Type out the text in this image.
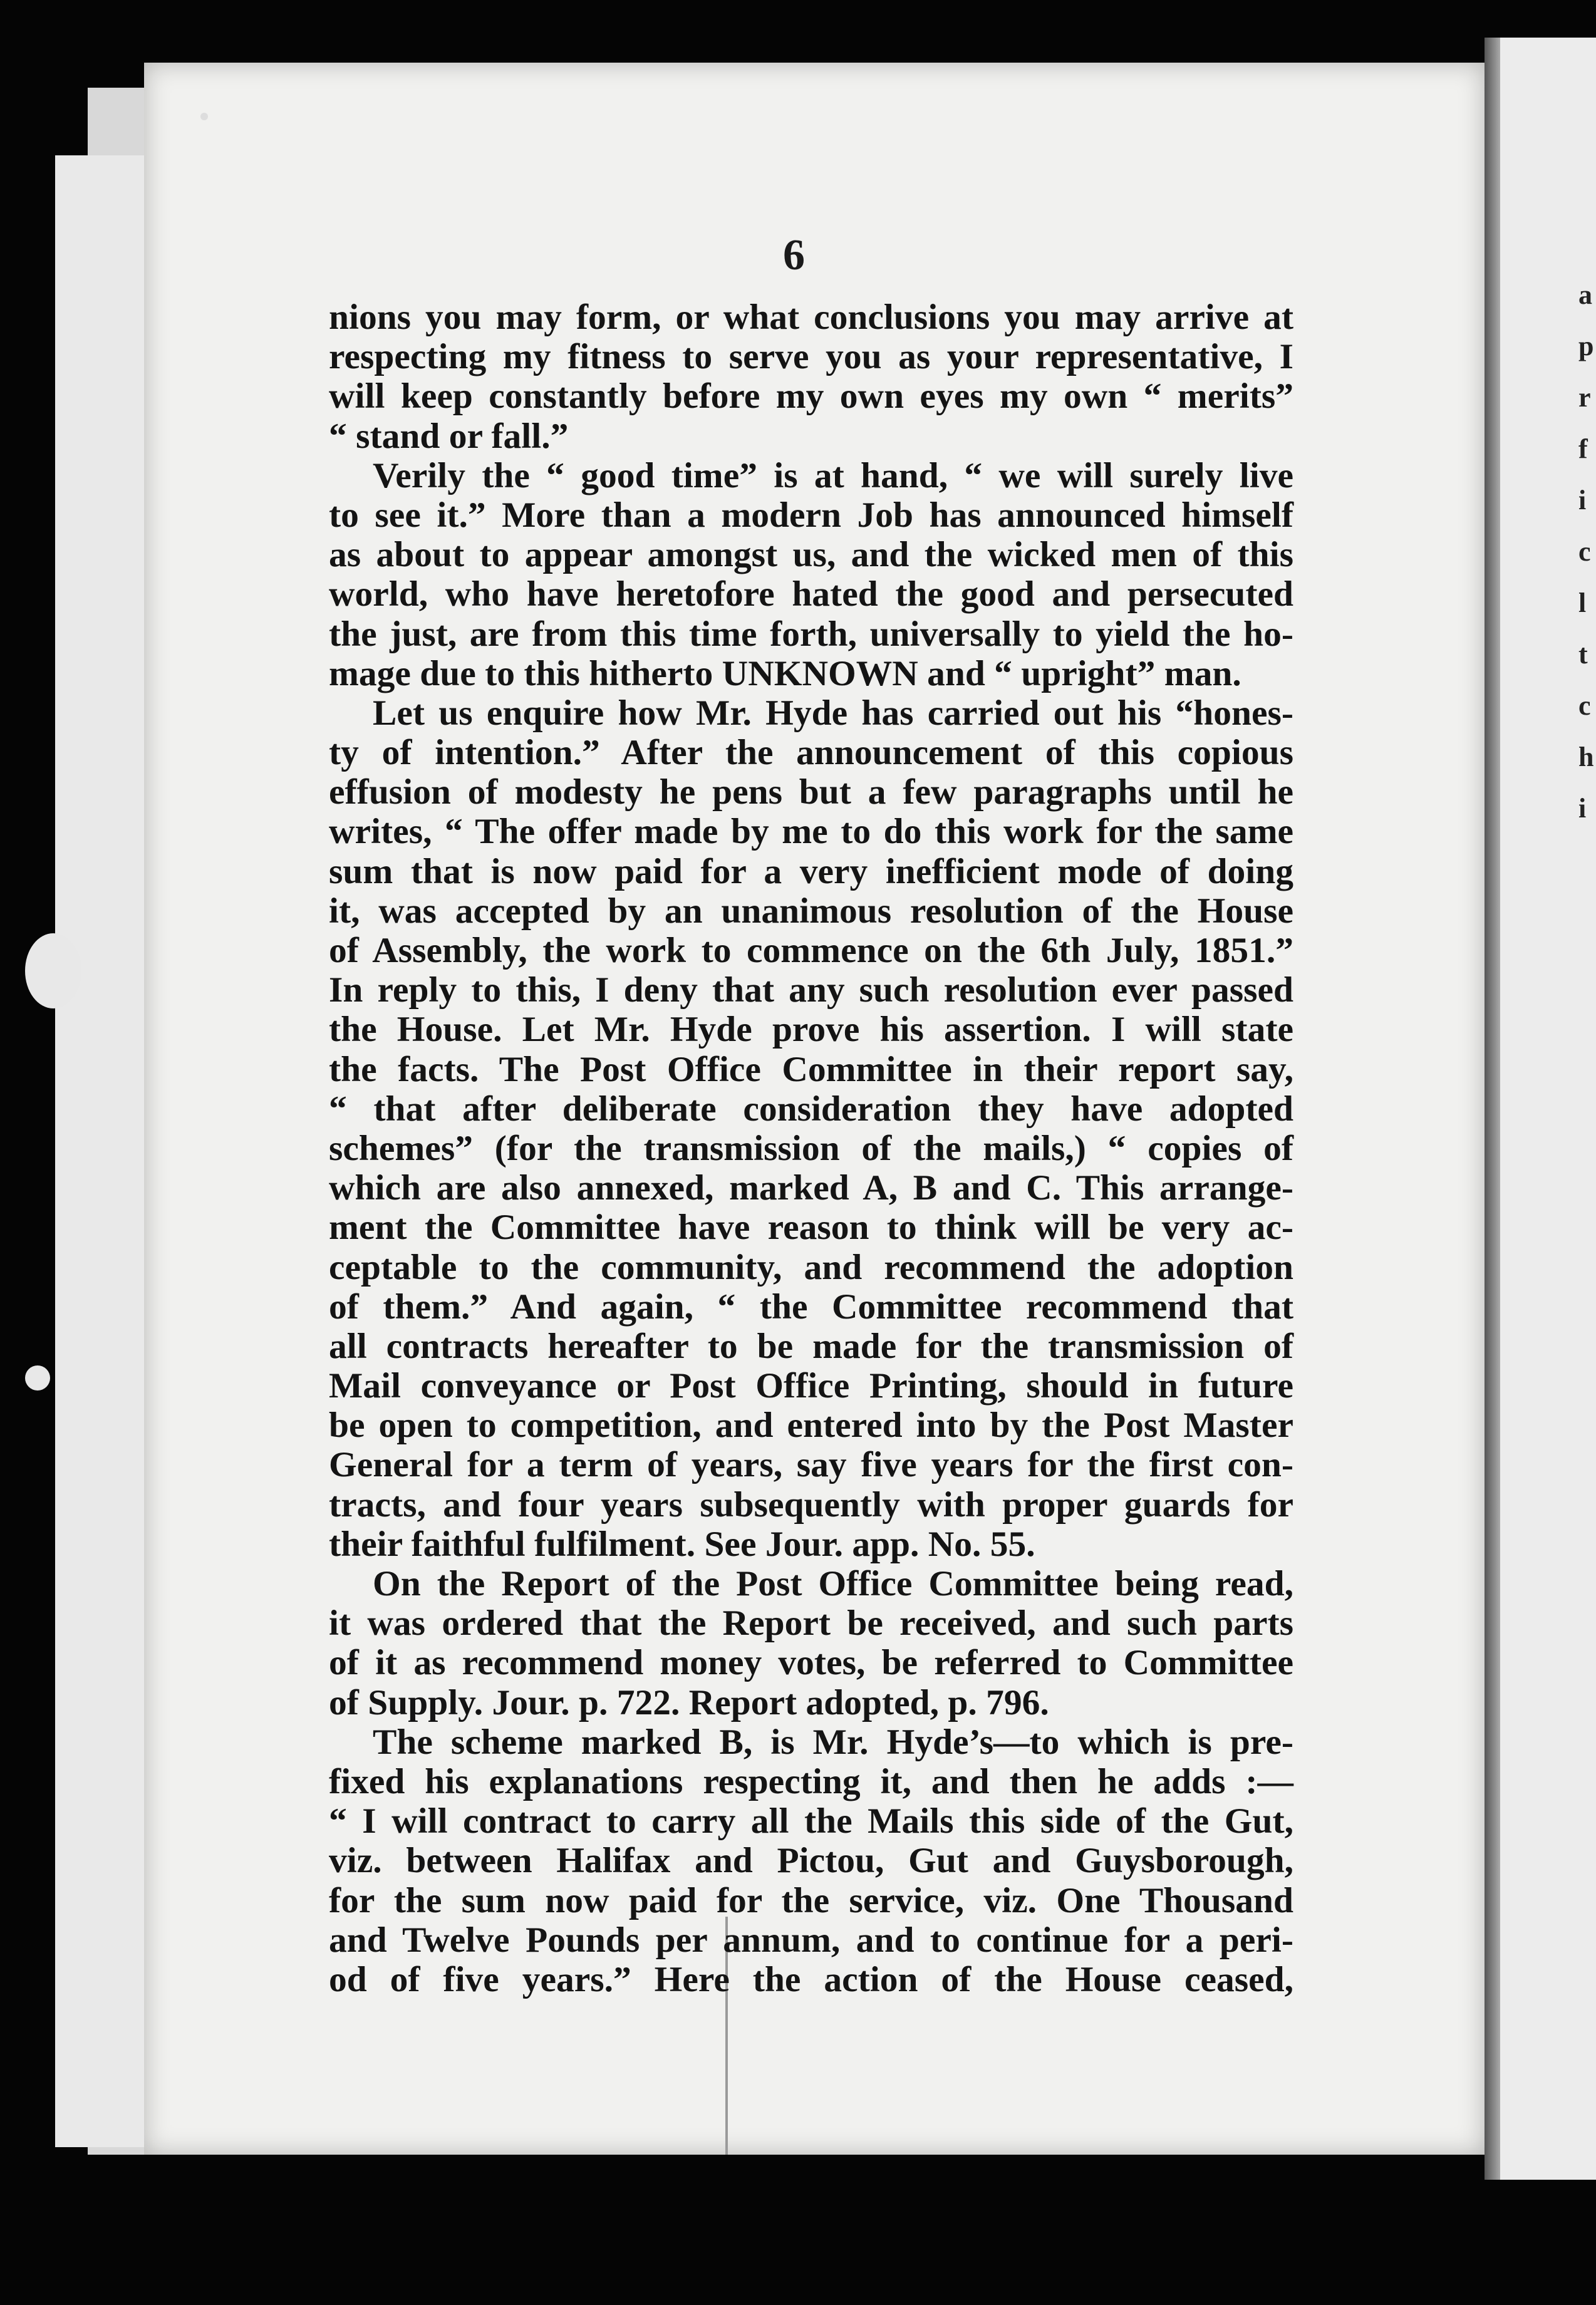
a
p
r
f
i
c
l
t
c
h
i
6
nions you may form, or what conclusions you may arrive at
respecting my fitness to serve you as your representative, I
will keep constantly before my own eyes my own “ merits”
“ stand or fall.”
Verily the “ good time” is at hand, “ we will surely live
to see it.” More than a modern Job has announced himself
as about to appear amongst us, and the wicked men of this
world, who have heretofore hated the good and persecuted
the just, are from this time forth, universally to yield the ho-
mage due to this hitherto UNKNOWN and “ upright” man.
Let us enquire how Mr. Hyde has carried out his “hones-
ty of intention.” After the announcement of this copious
effusion of modesty he pens but a few paragraphs until he
writes, “ The offer made by me to do this work for the same
sum that is now paid for a very inefficient mode of doing
it, was accepted by an unanimous resolution of the House
of Assembly, the work to commence on the 6th July, 1851.”
In reply to this, I deny that any such resolution ever passed
the House. Let Mr. Hyde prove his assertion. I will state
the facts. The Post Office Committee in their report say,
“ that after deliberate consideration they have adopted
schemes” (for the transmission of the mails,) “ copies of
which are also annexed, marked A, B and C. This arrange-
ment the Committee have reason to think will be very ac-
ceptable to the community, and recommend the adoption
of them.” And again, “ the Committee recommend that
all contracts hereafter to be made for the transmission of
Mail conveyance or Post Office Printing, should in future
be open to competition, and entered into by the Post Master
General for a term of years, say five years for the first con-
tracts, and four years subsequently with proper guards for
their faithful fulfilment. See Jour. app. No. 55.
On the Report of the Post Office Committee being read,
it was ordered that the Report be received, and such parts
of it as recommend money votes, be referred to Committee
of Supply. Jour. p. 722. Report adopted, p. 796.
The scheme marked B, is Mr. Hyde’s—to which is pre-
fixed his explanations respecting it, and then he adds :—
“ I will contract to carry all the Mails this side of the Gut,
viz. between Halifax and Pictou, Gut and Guysborough,
for the sum now paid for the service, viz. One Thousand
and Twelve Pounds per annum, and to continue for a peri-
od of five years.” Here the action of the House ceased,
